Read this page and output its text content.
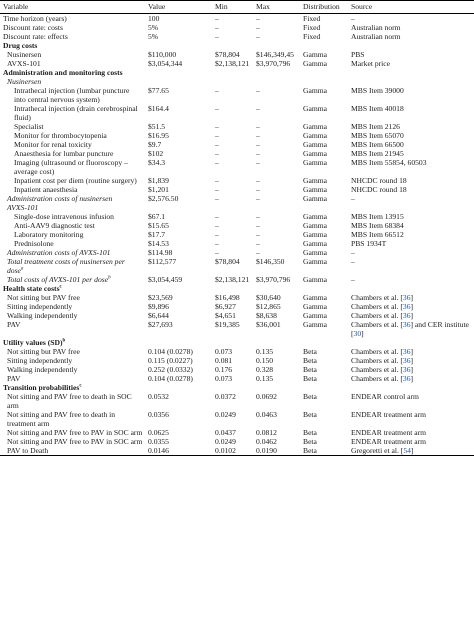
Variable	Value	Min	Max	Distribution	Source
Time horizon (years)	100	–	–	Fixed	–
Discount rate: costs	5%	–	–	Fixed	Australian norm
Discount rate: effects	5%	–	–	Fixed	Australian norm
Drug costs					
Nusinersen	$110,000	$78,804	$146,349,45	Gamma	PBS
AVXS-101	$3,054,344	$2,138,121	$3,970,796	Gamma	Market price
Administration and monitoring costs					
Nusinersen					
Intrathecal injection (lumbar puncture into central nervous system)	$77.65	–	–	Gamma	MBS Item 39000
Intrathecal injection (drain cerebrospinal fluid)	$164.4	–	–	Gamma	MBS Item 40018
Specialist	$51.5	–	–	Gamma	MBS Item 2126
Monitor for thrombocytopenia	$16.95	–	–	Gamma	MBS Item 65070
Monitor for renal toxicity	$9.7	–	–	Gamma	MBS Item 66500
Anaesthesia for lumbar puncture	$102	–	–	Gamma	MBS Item 21945
Imaging (ultrasound or fluoroscopy – average cost)	$34.3	–	–	Gamma	MBS Item 55854, 60503
Inpatient cost per diem (routine surgery)	$1,839	–	–	Gamma	NHCDC round 18
Inpatient anaesthesia	$1,201	–	–	Gamma	NHCDC round 18
Administration costs of nusinersen	$2,576.50	–	–	Gamma	–
AVXS-101					
Single-dose intravenous infusion	$67.1	–	–	Gamma	MBS Item 13915
Anti-AAV9 diagnostic test	$15.65	–	–	Gamma	MBS Item 68384
Laboratory monitoring	$17.7	–	–	Gamma	MBS Item 66512
Prednisolone	$14.53	–	–	Gamma	PBS 1934T
Administration costs of AVXS-101	$114.98	–	–	Gamma	–
Total treatment costs of nusinersen per dose$^a$	$112,577	$78,804	$146,350	Gamma	–
Total costs of AVXS-101 per dose$^b$	$3,054,459	$2,138,121	$3,970,796	Gamma	–
Health state costs$^c$
Not sitting but PAV free	$23,569	$16,498	$30,640	Gamma	Chambers et al. [36]
Sitting independently	$9,896	$6,927	$12,865	Gamma	Chambers et al. [36]
Walking independently	$6,644	$4,651	$8,638	Gamma	Chambers et al. [36]
PAV	$27,693	$19,385	$36,001	Gamma	Chambers et al. [36] and CER institute [30]
Utility values (SD)$^b$
Not sitting but PAV free	0.104 (0.0278)	0.073	0.135	Beta	Chambers et al. [36]
Sitting independently	0.115 (0.0227)	0.081	0.150	Beta	Chambers et al. [36]
Walking independently	0.252 (0.0332)	0.176	0.328	Beta	Chambers et al. [36]
PAV	0.104 (0.0278)	0.073	0.135	Beta	Chambers et al. [36]
Transition probabilities$^c$
Not sitting and PAV free to death in SOC arm	0.0532	0.0372	0.0692	Beta	ENDEAR control arm
Not sitting and PAV free to death in treatment arm	0.0356	0.0249	0.0463	Beta	ENDEAR treatment arm
Not sitting and PAV free to PAV in SOC arm	0.0625	0.0437	0.0812	Beta	ENDEAR treatment arm
Not sitting and PAV free to PAV in SOC arm	0.0355	0.0249	0.0462	Beta	ENDEAR treatment arm
PAV to Death	0.0146	0.0102	0.0190	Beta	Gregoretti et al. [54]
